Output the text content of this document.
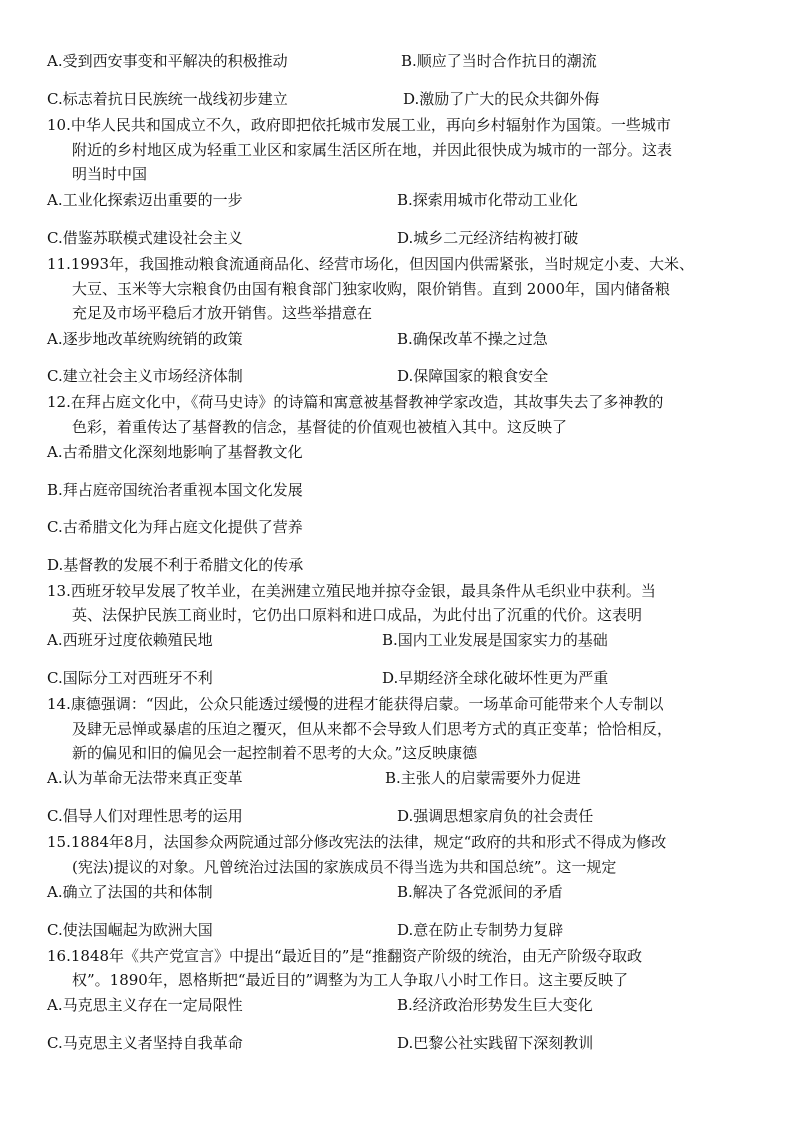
A.受到西安事变和平解决的积极推动	B.顺应了当时合作抗日的潮流
C.标志着抗日民族统一战线初步建立	D.激励了广大的民众共御外侮
10.中华人民共和国成立不久，政府即把依托城市发展工业，再向乡村辐射作为国策。一些城市
附近的乡村地区成为轻重工业区和家属生活区所在地，并因此很快成为城市的一部分。这表
明当时中国
A.工业化探索迈出重要的一步	B.探索用城市化带动工业化
C.借鉴苏联模式建设社会主义	D.城乡二元经济结构被打破
11.1993年，我国推动粮食流通商品化、经营市场化，但因国内供需紧张，当时规定小麦、大米、
大豆、玉米等大宗粮食仍由国有粮食部门独家收购，限价销售。直到 2000年，国内储备粮
充足及市场平稳后才放开销售。这些举措意在
A.逐步地改革统购统销的政策	B.确保改革不操之过急
C.建立社会主义市场经济体制	D.保障国家的粮食安全
12.在拜占庭文化中，《荷马史诗》的诗篇和寓意被基督教神学家改造，其故事失去了多神教的
色彩，着重传达了基督教的信念，基督徒的价值观也被植入其中。这反映了
A.古希腊文化深刻地影响了基督教文化
B.拜占庭帝国统治者重视本国文化发展
C.古希腊文化为拜占庭文化提供了营养
D.基督教的发展不利于希腊文化的传承
13.西班牙较早发展了牧羊业，在美洲建立殖民地并掠夺金银，最具条件从毛织业中获利。当
英、法保护民族工商业时，它仍出口原料和进口成品，为此付出了沉重的代价。这表明
A.西班牙过度依赖殖民地	B.国内工业发展是国家实力的基础
C.国际分工对西班牙不利	D.早期经济全球化破坏性更为严重
14.康德强调：“因此，公众只能透过缓慢的进程才能获得启蒙。一场革命可能带来个人专制以
及肆无忌惮或暴虐的压迫之覆灭，但从来都不会导致人们思考方式的真正变革；恰恰相反，
新的偏见和旧的偏见会一起控制着不思考的大众。”这反映康德
A.认为革命无法带来真正变革	B.主张人的启蒙需要外力促进
C.倡导人们对理性思考的运用	D.强调思想家肩负的社会责任
15.1884年8月，法国参众两院通过部分修改宪法的法律，规定“政府的共和形式不得成为修改
(宪法)提议的对象。凡曾统治过法国的家族成员不得当选为共和国总统”。这一规定
A.确立了法国的共和体制	B.解决了各党派间的矛盾
C.使法国崛起为欧洲大国	D.意在防止专制势力复辟
16.1848年《共产党宣言》中提出“最近目的”是“推翻资产阶级的统治，由无产阶级夺取政
权”。1890年，恩格斯把“最近目的”调整为为工人争取八小时工作日。这主要反映了
A.马克思主义存在一定局限性	B.经济政治形势发生巨大变化
C.马克思主义者坚持自我革命	D.巴黎公社实践留下深刻教训
